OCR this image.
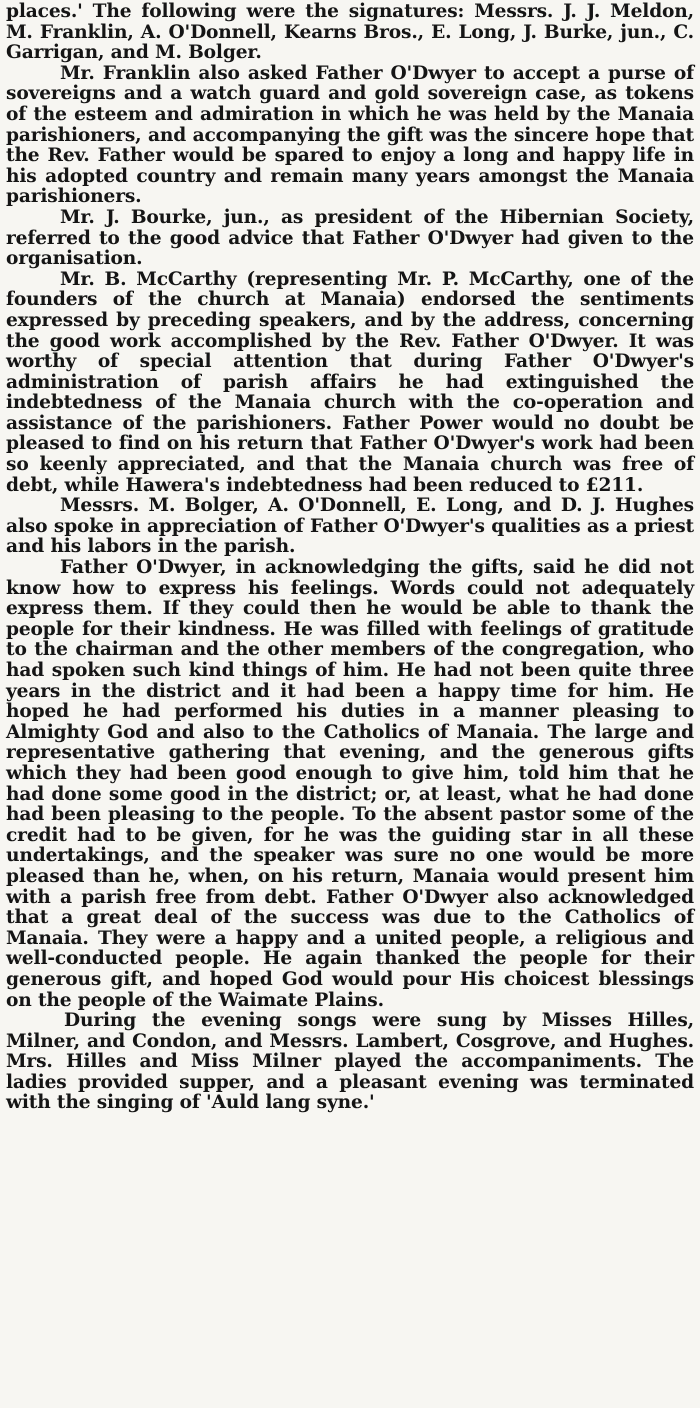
places.' The following were the signatures: Messrs. J. J. Meldon, M. Franklin, A. O'Donnell, Kearns Bros., E. Long, J. Burke, jun., C. Garrigan, and M. Bolger.

Mr. Franklin also asked Father O'Dwyer to accept a purse of sovereigns and a watch guard and gold sovereign case, as tokens of the esteem and admiration in which he was held by the Manaia parishioners, and accompanying the gift was the sincere hope that the Rev. Father would be spared to enjoy a long and happy life in his adopted country and remain many years amongst the Manaia parishioners.

Mr. J. Bourke, jun., as president of the Hibernian Society, referred to the good advice that Father O'Dwyer had given to the organisation.

Mr. B. McCarthy (representing Mr. P. McCarthy, one of the founders of the church at Manaia) endorsed the sentiments expressed by preceding speakers, and by the address, concerning the good work accomplished by the Rev. Father O'Dwyer. It was worthy of special attention that during Father O'Dwyer's administration of parish affairs he had extinguished the indebtedness of the Manaia church with the co-operation and assistance of the parishioners. Father Power would no doubt be pleased to find on his return that Father O'Dwyer's work had been so keenly appreciated, and that the Manaia church was free of debt, while Hawera's indebtedness had been reduced to £211.

Messrs. M. Bolger, A. O'Donnell, E. Long, and D. J. Hughes also spoke in appreciation of Father O'Dwyer's qualities as a priest and his labors in the parish.

Father O'Dwyer, in acknowledging the gifts, said he did not know how to express his feelings. Words could not adequately express them. If they could then he would be able to thank the people for their kindness. He was filled with feelings of gratitude to the chairman and the other members of the congregation, who had spoken such kind things of him. He had not been quite three years in the district and it had been a happy time for him. He hoped he had performed his duties in a manner pleasing to Almighty God and also to the Catholics of Manaia. The large and representative gathering that evening, and the generous gifts which they had been good enough to give him, told him that he had done some good in the district; or, at least, what he had done had been pleasing to the people. To the absent pastor some of the credit had to be given, for he was the guiding star in all these undertakings, and the speaker was sure no one would be more pleased than he, when, on his return, Manaia would present him with a parish free from debt. Father O'Dwyer also acknowledged that a great deal of the success was due to the Catholics of Manaia. They were a happy and a united people, a religious and well-conducted people. He again thanked the people for their generous gift, and hoped God would pour His choicest blessings on the people of the Waimate Plains.

During the evening songs were sung by Misses Hilles, Milner, and Condon, and Messrs. Lambert, Cosgrove, and Hughes. Mrs. Hilles and Miss Milner played the accompaniments. The ladies provided supper, and a pleasant evening was terminated with the singing of 'Auld lang syne.'
